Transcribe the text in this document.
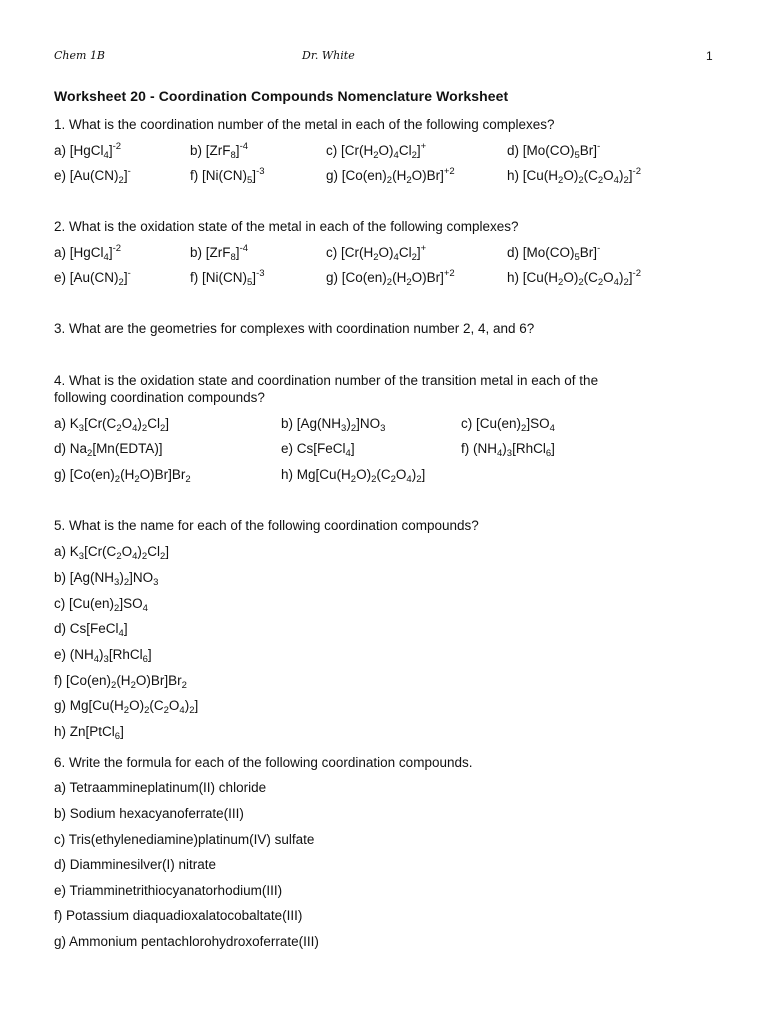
Chem 1B	Dr. White	1
Worksheet 20 - Coordination Compounds Nomenclature Worksheet
1. What is the coordination number of the metal in each of the following complexes?
a) [HgCl$_4$]$^{-2}$	b) $[ZrF_8]^{-4}$	c) $[Cr(H_2O)_4Cl_2]^+$	d) $[Mo(CO)_5Br]^-$
e) $[Au(CN)_2]^-$	f) $[Ni(CN)_5]^{-3}$	g) $[Co(en)_2(H_2O)Br]^{+2}$	h) $[Cu(H_2O)_2(C_2O_4)_2]^{-2}$
2. What is the oxidation state of the metal in each of the following complexes?
a) [HgCl$_4$]$^{-2}$	b) $[ZrF_8]^{-4}$	c) $[Cr(H_2O)_4Cl_2]^+$	d) $[Mo(CO)_5Br]^-$
e) $[Au(CN)_2]^-$	f) $[Ni(CN)_5]^{-3}$	g) $[Co(en)_2(H_2O)Br]^{+2}$	h) $[Cu(H_2O)_2(C_2O_4)_2]^{-2}$
3. What are the geometries for complexes with coordination number 2, 4, and 6?
4. What is the oxidation state and coordination number of the transition metal in each of the
following coordination compounds?
a) $K_3[Cr(C_2O_4)_2Cl_2]$	b) $[Ag(NH_3)_2]NO_3$	c) $[Cu(en)_2]SO_4$
d) $Na_2[Mn(EDTA)]$	e) Cs[FeCl$_4$]	f) $(NH_4)_3[RhCl_6]$
g) $[Co(en)_2(H_2O)Br]Br_2$	h) $Mg[Cu(H_2O)_2(C_2O_4)_2]$
5. What is the name for each of the following coordination compounds?
a) $K_3[Cr(C_2O_4)_2Cl_2]$
b) $[Ag(NH_3)_2]NO_3$
c) $[Cu(en)_2]SO_4$
d) Cs[FeCl$_4$]
e) $(NH_4)_3[RhCl_6]$
f) $[Co(en)_2(H_2O)Br]Br_2$
g) $Mg[Cu(H_2O)_2(C_2O_4)_2]$
h) Zn[PtCl$_6$]
6. Write the formula for each of the following coordination compounds.
a) Tetraammineplatinum(II) chloride
b) Sodium hexacyanoferrate(III)
c) Tris(ethylenediamine)platinum(IV) sulfate
d) Diamminesilver(I) nitrate
e) Triamminetrithiocyanatorhodium(III)
f) Potassium diaquadioxalatocobaltate(III)
g) Ammonium pentachlorohydroxoferrate(III)
